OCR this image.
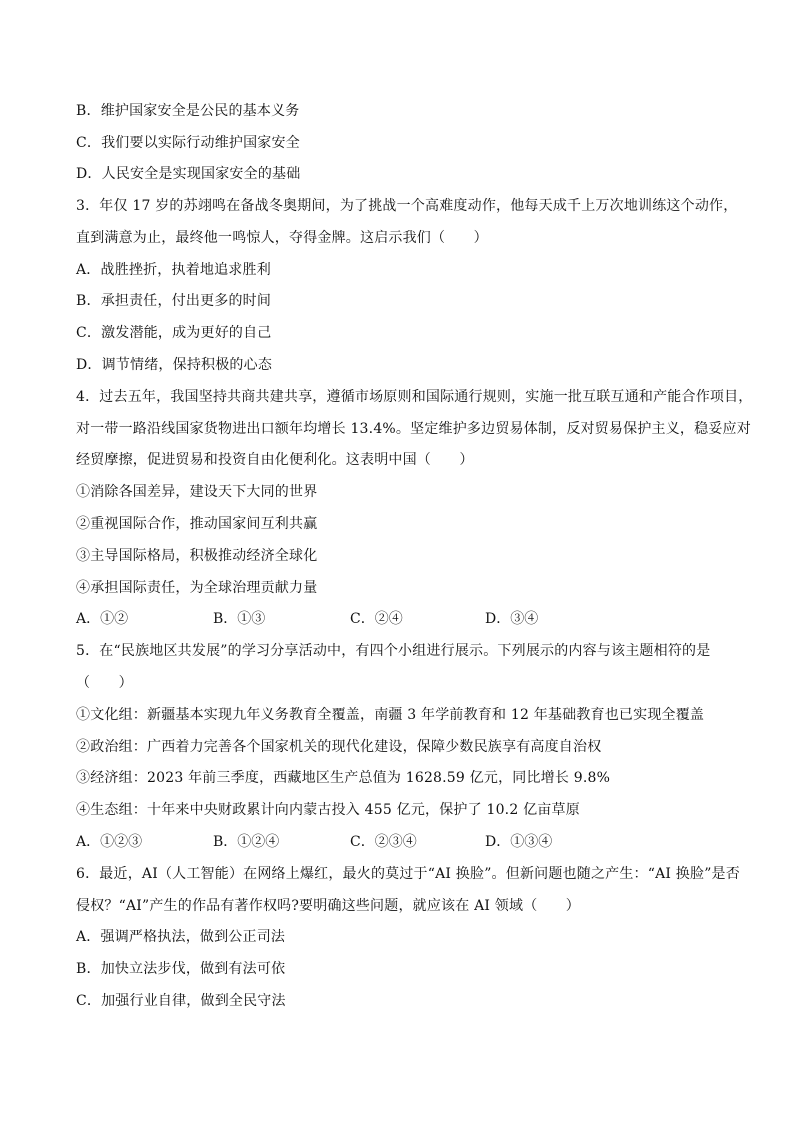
B．维护国家安全是公民的基本义务
C．我们要以实际行动维护国家安全
D．人民安全是实现国家安全的基础
3．年仅 17 岁的苏翊鸣在备战冬奥期间，为了挑战一个高难度动作，他每天成千上万次地训练这个动作，
直到满意为止，最终他一鸣惊人，夺得金牌。这启示我们（　　）
A．战胜挫折，执着地追求胜利
B．承担责任，付出更多的时间
C．激发潜能，成为更好的自己
D．调节情绪，保持积极的心态
4．过去五年，我国坚持共商共建共享，遵循市场原则和国际通行规则，实施一批互联互通和产能合作项目，
对一带一路沿线国家货物进出口额年均增长 13.4%。坚定维护多边贸易体制，反对贸易保护主义，稳妥应对
经贸摩擦，促进贸易和投资自由化便利化。这表明中国（　　）
①消除各国差异，建设天下大同的世界
②重视国际合作，推动国家间互利共赢
③主导国际格局，积极推动经济全球化
④承担国际责任，为全球治理贡献力量
A．①②	B．①③	C．②④	D．③④
5．在“民族地区共发展”的学习分享活动中，有四个小组进行展示。下列展示的内容与该主题相符的是
（　　）
①文化组：新疆基本实现九年义务教育全覆盖，南疆 3 年学前教育和 12 年基础教育也已实现全覆盖
②政治组：广西着力完善各个国家机关的现代化建设，保障少数民族享有高度自治权
③经济组：2023 年前三季度，西藏地区生产总值为 1628.59 亿元，同比增长 9.8%
④生态组：十年来中央财政累计向内蒙古投入 455 亿元，保护了 10.2 亿亩草原
A．①②③	B．①②④	C．②③④	D．①③④
6．最近，AI（人工智能）在网络上爆红，最火的莫过于“AI 换脸”。但新问题也随之产生：“AI 换脸”是否
侵权？“AI”产生的作品有著作权吗?要明确这些问题，就应该在 AI 领域（　　）
A．强调严格执法，做到公正司法
B．加快立法步伐，做到有法可依
C．加强行业自律，做到全民守法
